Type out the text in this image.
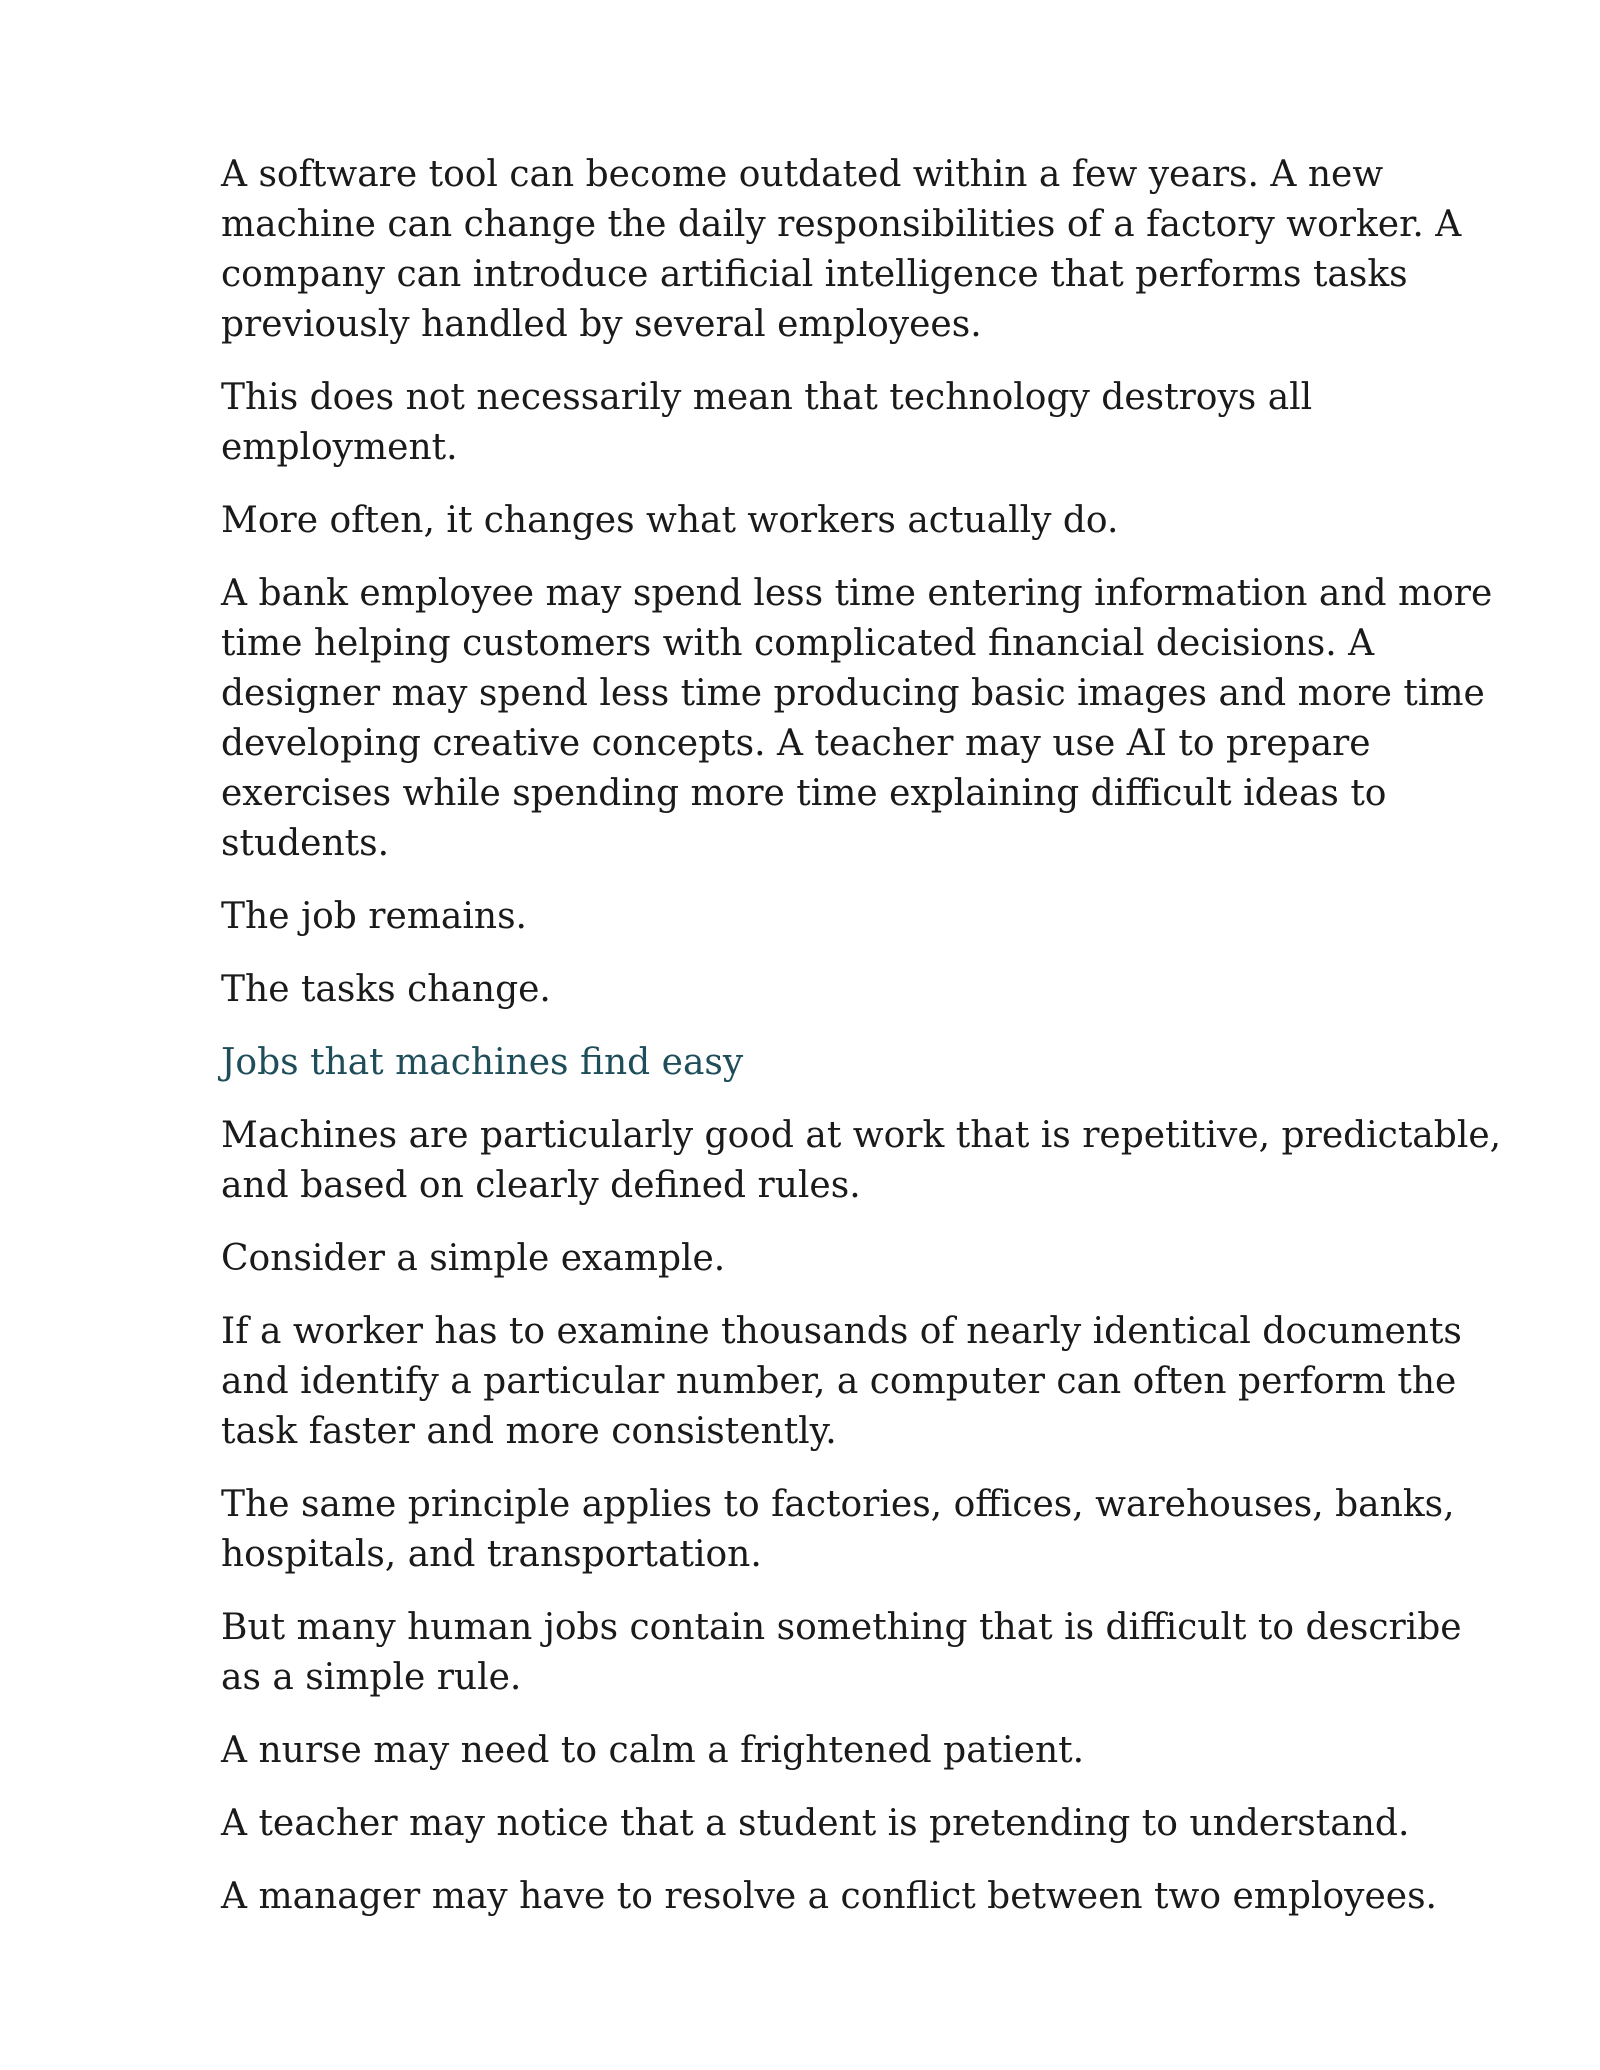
A software tool can become outdated within a few years. A new machine can change the daily responsibilities of a factory worker. A company can introduce artificial intelligence that performs tasks previously handled by several employees.

This does not necessarily mean that technology destroys all employment.

More often, it changes what workers actually do.

A bank employee may spend less time entering information and more time helping customers with complicated financial decisions. A designer may spend less time producing basic images and more time developing creative concepts. A teacher may use AI to prepare exercises while spending more time explaining difficult ideas to students.

The job remains.

The tasks change.

Jobs that machines find easy

Machines are particularly good at work that is repetitive, predictable, and based on clearly defined rules.

Consider a simple example.

If a worker has to examine thousands of nearly identical documents and identify a particular number, a computer can often perform the task faster and more consistently.

The same principle applies to factories, offices, warehouses, banks, hospitals, and transportation.

But many human jobs contain something that is difficult to describe as a simple rule.

A nurse may need to calm a frightened patient.

A teacher may notice that a student is pretending to understand.

A manager may have to resolve a conflict between two employees.
